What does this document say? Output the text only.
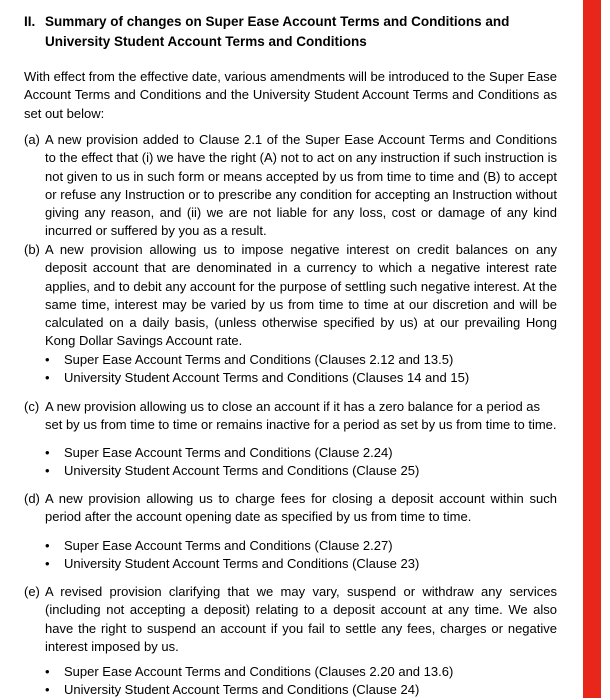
II. Summary of changes on Super Ease Account Terms and Conditions and University Student Account Terms and Conditions
With effect from the effective date, various amendments will be introduced to the Super Ease Account Terms and Conditions and the University Student Account Terms and Conditions as set out below:
(a) A new provision added to Clause 2.1 of the Super Ease Account Terms and Conditions to the effect that (i) we have the right (A) not to act on any instruction if such instruction is not given to us in such form or means accepted by us from time to time and (B) to accept or refuse any Instruction or to prescribe any condition for accepting an Instruction without giving any reason, and (ii) we are not liable for any loss, cost or damage of any kind incurred or suffered by you as a result.
(b) A new provision allowing us to impose negative interest on credit balances on any deposit account that are denominated in a currency to which a negative interest rate applies, and to debit any account for the purpose of settling such negative interest. At the same time, interest may be varied by us from time to time at our discretion and will be calculated on a daily basis, (unless otherwise specified by us) at our prevailing Hong Kong Dollar Savings Account rate.
•	Super Ease Account Terms and Conditions (Clauses 2.12 and 13.5)
•	University Student Account Terms and Conditions (Clauses 14 and 15)
(c) A new provision allowing us to close an account if it has a zero balance for a period as set by us from time to time or remains inactive for a period as set by us from time to time.
•	Super Ease Account Terms and Conditions (Clause 2.24)
•	University Student Account Terms and Conditions (Clause 25)
(d) A new provision allowing us to charge fees for closing a deposit account within such period after the account opening date as specified by us from time to time.
•	Super Ease Account Terms and Conditions (Clause 2.27)
•	University Student Account Terms and Conditions (Clause 23)
(e) A revised provision clarifying that we may vary, suspend or withdraw any services (including not accepting a deposit) relating to a deposit account at any time. We also have the right to suspend an account if you fail to settle any fees, charges or negative interest imposed by us.
•	Super Ease Account Terms and Conditions (Clauses 2.20 and 13.6)
•	University Student Account Terms and Conditions (Clause 24)
